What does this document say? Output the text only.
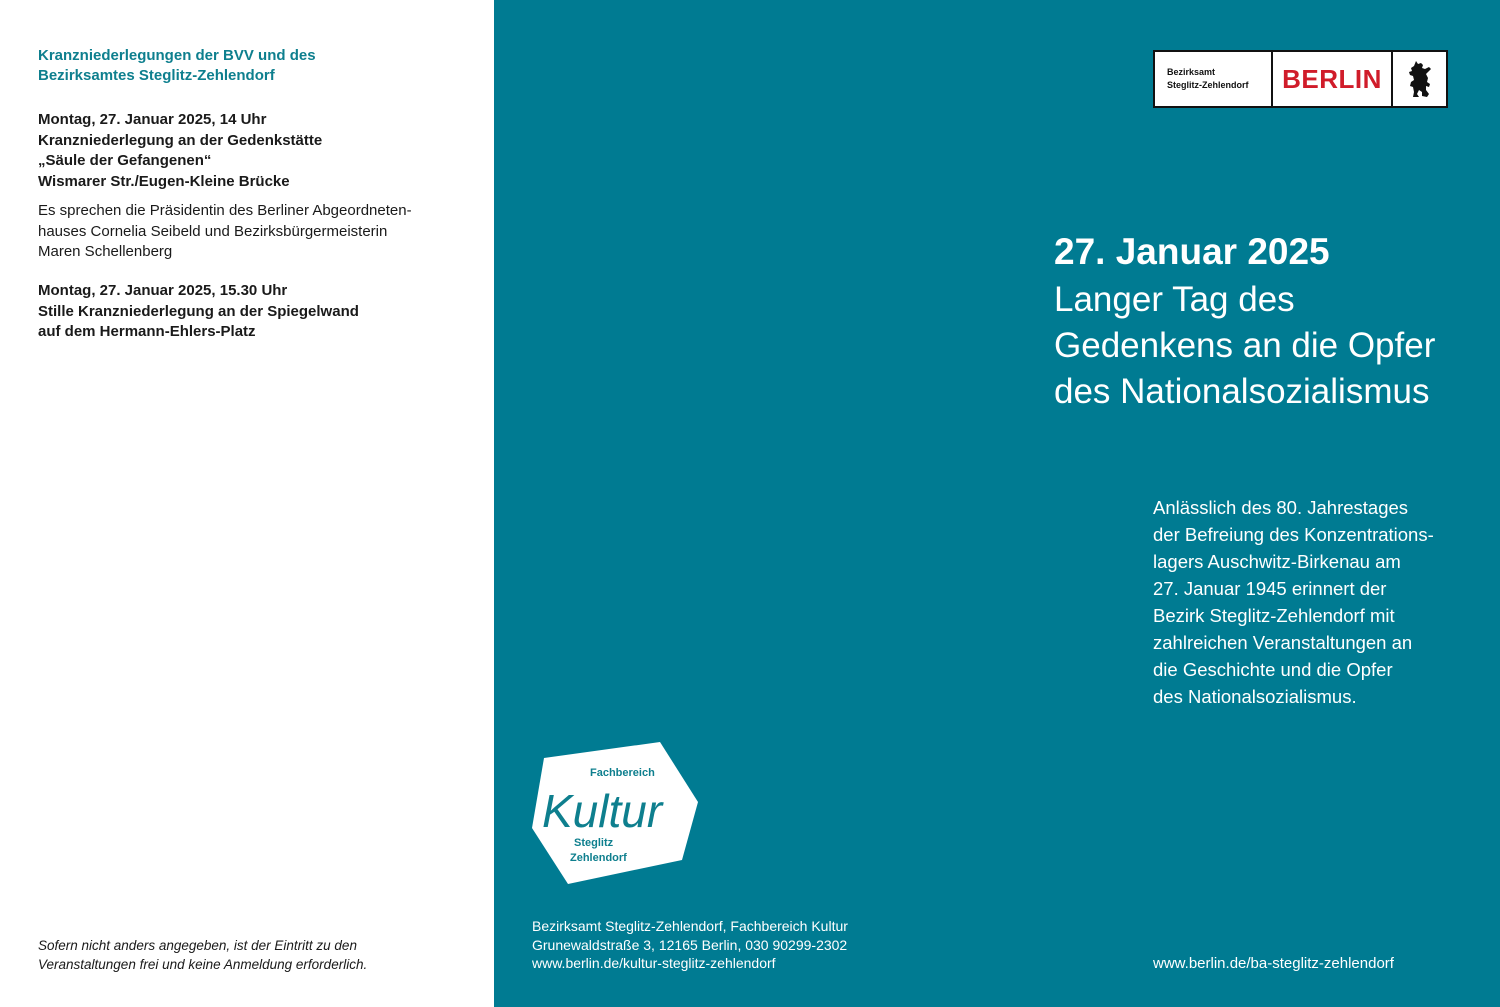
Kranzniederlegungen der BVV und des
Bezirksamtes Steglitz-Zehlendorf
Montag, 27. Januar 2025, 14 Uhr
Kranzniederlegung an der Gedenkstätte
„Säule der Gefangenen“
Wismarer Str./Eugen-Kleine Brücke
Es sprechen die Präsidentin des Berliner Abgeordneten-
hauses Cornelia Seibeld und Bezirksbürgermeisterin
Maren Schellenberg
Montag, 27. Januar 2025, 15.30 Uhr
Stille Kranzniederlegung an der Spiegelwand
auf dem Hermann-Ehlers-Platz
Sofern nicht anders angegeben, ist der Eintritt zu den
Veranstaltungen frei und keine Anmeldung erforderlich.
Bezirksamt
Steglitz-Zehlendorf	BERLIN
27. Januar 2025
Langer Tag des
Gedenkens an die Opfer
des Nationalsozialismus
Anlässlich des 80. Jahrestages
der Befreiung des Konzentrations-
lagers Auschwitz-Birkenau am
27. Januar 1945 erinnert der
Bezirk Steglitz-Zehlendorf mit
zahlreichen Veranstaltungen an
die Geschichte und die Opfer
des Nationalsozialismus.
Fachbereich
Kultur
Steglitz
Zehlendorf
Bezirksamt Steglitz-Zehlendorf, Fachbereich Kultur
Grunewaldstraße 3, 12165 Berlin, 030 90299-2302
www.berlin.de/kultur-steglitz-zehlendorf	www.berlin.de/ba-steglitz-zehlendorf
